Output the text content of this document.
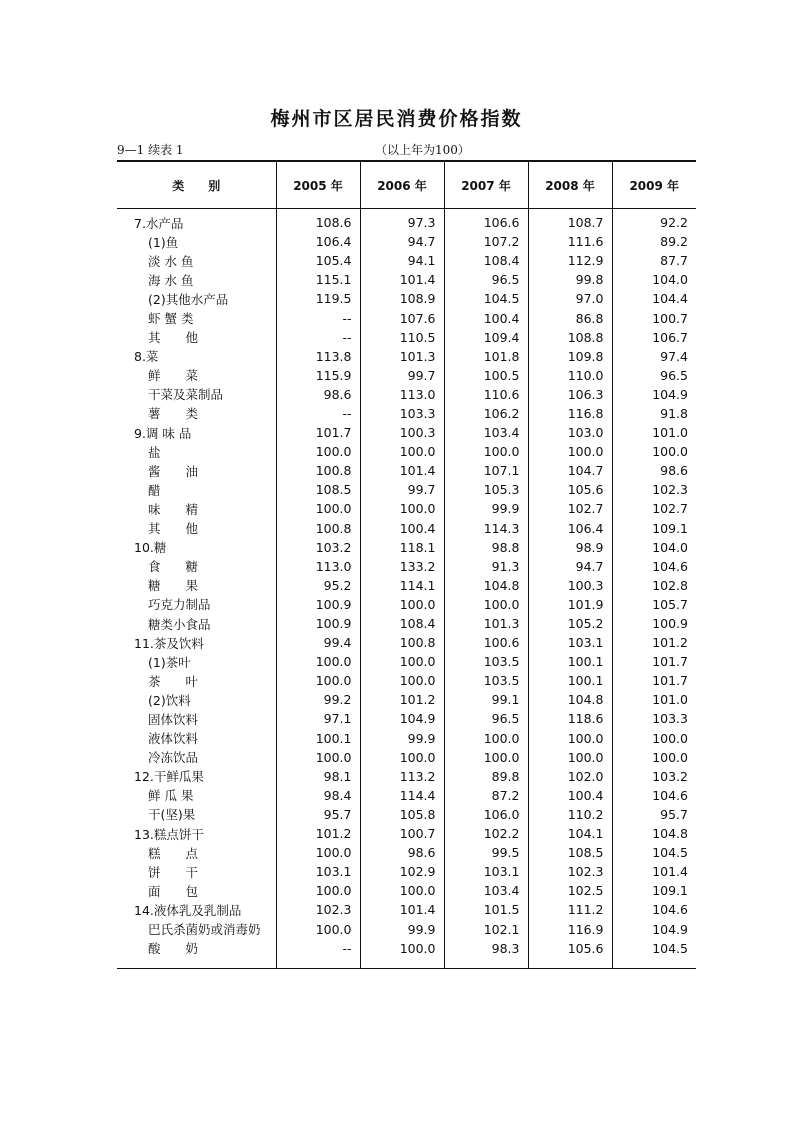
梅州市区居民消费价格指数
9—1 续表 1	（以上年为100）
类　　别	2005 年	2006 年	2007 年	2008 年	2009 年
7.水产品	108.6	97.3	106.6	108.7	92.2
(1)鱼	106.4	94.7	107.2	111.6	89.2
淡 水 鱼	105.4	94.1	108.4	112.9	87.7
海 水 鱼	115.1	101.4	96.5	99.8	104.0
(2)其他水产品	119.5	108.9	104.5	97.0	104.4
虾 蟹 类	--	107.6	100.4	86.8	100.7
其　　他	--	110.5	109.4	108.8	106.7
8.菜	113.8	101.3	101.8	109.8	97.4
鲜　　菜	115.9	99.7	100.5	110.0	96.5
干菜及菜制品	98.6	113.0	110.6	106.3	104.9
薯　　类	--	103.3	106.2	116.8	91.8
9.调 味 品	101.7	100.3	103.4	103.0	101.0
盐	100.0	100.0	100.0	100.0	100.0
酱　　油	100.8	101.4	107.1	104.7	98.6
醋	108.5	99.7	105.3	105.6	102.3
味　　精	100.0	100.0	99.9	102.7	102.7
其　　他	100.8	100.4	114.3	106.4	109.1
10.糖	103.2	118.1	98.8	98.9	104.0
食　　糖	113.0	133.2	91.3	94.7	104.6
糖　　果	95.2	114.1	104.8	100.3	102.8
巧克力制品	100.9	100.0	100.0	101.9	105.7
糖类小食品	100.9	108.4	101.3	105.2	100.9
11.茶及饮料	99.4	100.8	100.6	103.1	101.2
(1)茶叶	100.0	100.0	103.5	100.1	101.7
茶　　叶	100.0	100.0	103.5	100.1	101.7
(2)饮料	99.2	101.2	99.1	104.8	101.0
固体饮料	97.1	104.9	96.5	118.6	103.3
液体饮料	100.1	99.9	100.0	100.0	100.0
冷冻饮品	100.0	100.0	100.0	100.0	100.0
12.干鲜瓜果	98.1	113.2	89.8	102.0	103.2
鲜 瓜 果	98.4	114.4	87.2	100.4	104.6
干(坚)果	95.7	105.8	106.0	110.2	95.7
13.糕点饼干	101.2	100.7	102.2	104.1	104.8
糕　　点	100.0	98.6	99.5	108.5	104.5
饼　　干	103.1	102.9	103.1	102.3	101.4
面　　包	100.0	100.0	103.4	102.5	109.1
14.液体乳及乳制品	102.3	101.4	101.5	111.2	104.6
巴氏杀菌奶或消毒奶	100.0	99.9	102.1	116.9	104.9
酸　　奶	--	100.0	98.3	105.6	104.5
